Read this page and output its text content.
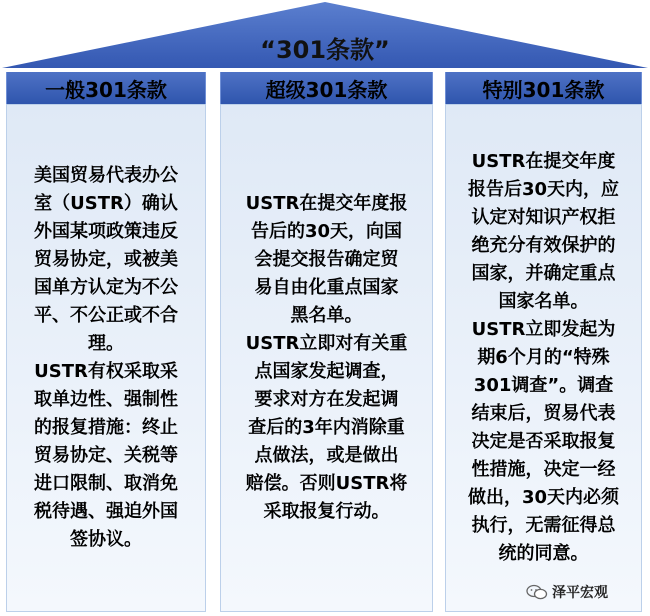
“301条款”
一般301条款

美国贸易代表办公
室（USTR）确认
外国某项政策违反
贸易协定，或被美
国单方认定为不公
平、不公正或不合
理。

USTR有权采取采
取单边性、强制性
的报复措施：终止
贸易协定、关税等
进口限制、取消免
税待遇、强迫外国
签协议。

超级301条款

USTR在提交年度报
告后的30天，向国
会提交报告确定贸
易自由化重点国家
黑名单。

USTR立即对有关重
点国家发起调查，
要求对方在发起调
查后的3年内消除重
点做法，或是做出
赔偿。否则USTR将
采取报复行动。

特别301条款

USTR在提交年度
报告后30天内，应
认定对知识产权拒
绝充分有效保护的
国家，并确定重点
国家名单。

USTR立即发起为
期6个月的“特殊
301调查”。调查
结束后，贸易代表
决定是否采取报复
性措施，决定一经
做出，30天内必须
执行，无需征得总
统的同意。

泽平宏观
